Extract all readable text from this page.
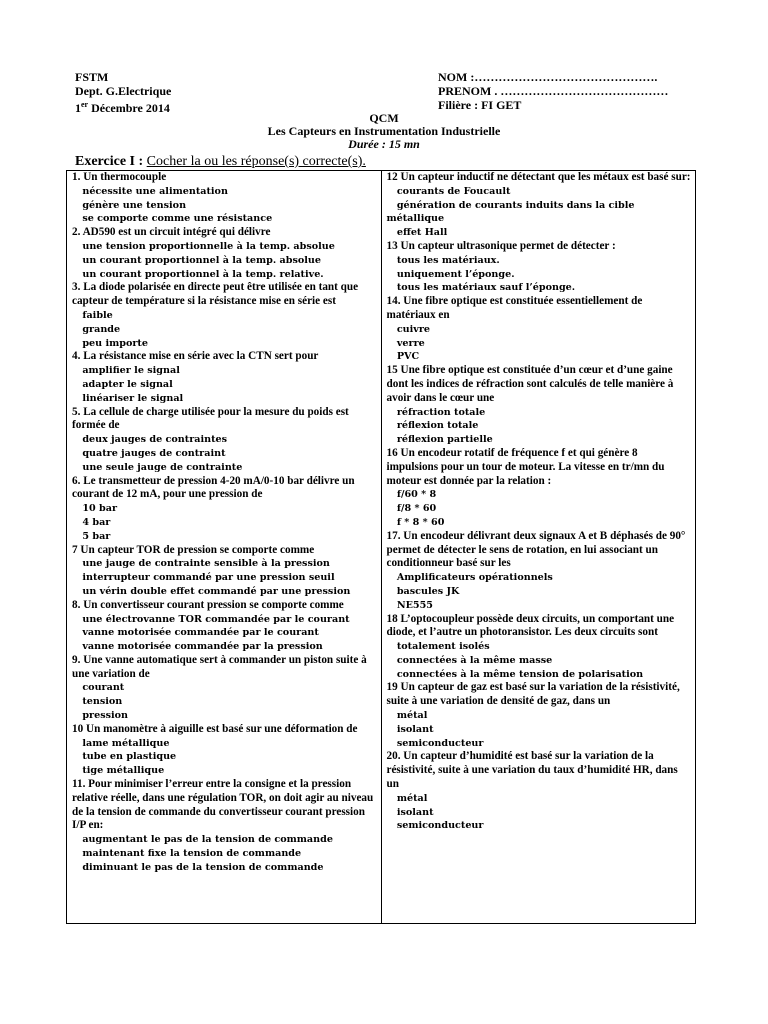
FSTM
Dept. G.Electrique
1er Décembre 2014
NOM :……………………………………….
PRENOM . ……………………………………
Filière : FI GET
QCM
Les Capteurs en Instrumentation Industrielle
Durée : 15 mn
Exercice I : Cocher la ou les réponse(s) correcte(s).
1. Un thermocouple
nécessite une alimentation
génère une tension
se comporte comme une résistance
2. AD590 est un circuit intégré qui délivre
une tension proportionnelle à la temp. absolue
un courant proportionnel à la temp. absolue
un courant proportionnel à la temp. relative.
3. La diode polarisée en directe peut être utilisée en tant que capteur de température si la résistance mise en série est
faible
grande
peu importe
4. La résistance mise en série avec la CTN sert pour
amplifier le signal
adapter le signal
linéariser le signal
5. La cellule de charge utilisée pour la mesure du poids est formée de
deux jauges de contraintes
quatre jauges de contraint
une seule jauge de contrainte
6. Le transmetteur de pression 4-20 mA/0-10 bar délivre un courant de 12 mA, pour une pression de
10 bar
4 bar
5 bar
7 Un capteur TOR de pression se comporte comme
une jauge de contrainte sensible à la pression
interrupteur commandé par une pression seuil
un vérin double effet commandé par une pression
8. Un convertisseur courant pression se comporte comme
une électrovanne TOR commandée par le courant
vanne motorisée commandée par le courant
vanne motorisée commandée par la pression
9. Une vanne automatique sert à commander un piston suite à une variation de
courant
tension
pression
10 Un manomètre à aiguille est basé sur une déformation de
lame métallique
tube en plastique
tige métallique
11. Pour minimiser l’erreur entre la consigne et la pression relative réelle, dans une régulation TOR, on doit agir au niveau de la tension de commande du convertisseur courant pression I/P en:
augmentant le pas de la tension de commande
maintenant fixe la tension de commande
diminuant le pas de la tension de commande

12 Un capteur inductif ne détectant que les métaux est basé sur:
courants de Foucault
génération de courants induits dans la cible métallique
effet Hall
13 Un capteur ultrasonique permet de détecter :
tous les matériaux.
uniquement l’éponge.
tous les matériaux sauf l’éponge.
14. Une fibre optique est constituée essentiellement de matériaux en
cuivre
verre
PVC
15 Une fibre optique est constituée d’un cœur et d’une gaine dont les indices de réfraction sont calculés de telle manière à avoir dans le cœur une
réfraction totale
réflexion totale
réflexion partielle
16 Un encodeur rotatif de fréquence f et qui génère 8 impulsions pour un tour de moteur. La vitesse en tr/mn du moteur est donnée par la relation :
f/60 * 8
f/8 * 60
f * 8 * 60
17. Un encodeur délivrant deux signaux A et B déphasés de 90° permet de détecter le sens de rotation, en lui associant un conditionneur basé sur les
Amplificateurs opérationnels
bascules JK
NE555
18 L’optocoupleur possède deux circuits, un comportant une diode, et l’autre un photoransistor. Les deux circuits sont
totalement isolés
connectées à la même masse
connectées à la même tension de polarisation
19 Un capteur de gaz est basé sur la variation de la résistivité, suite à une variation de densité de gaz, dans un
métal
isolant
semiconducteur
20. Un capteur d’humidité est basé sur la variation de la résistivité, suite à une variation du taux d’humidité HR, dans un
métal
isolant
semiconducteur
